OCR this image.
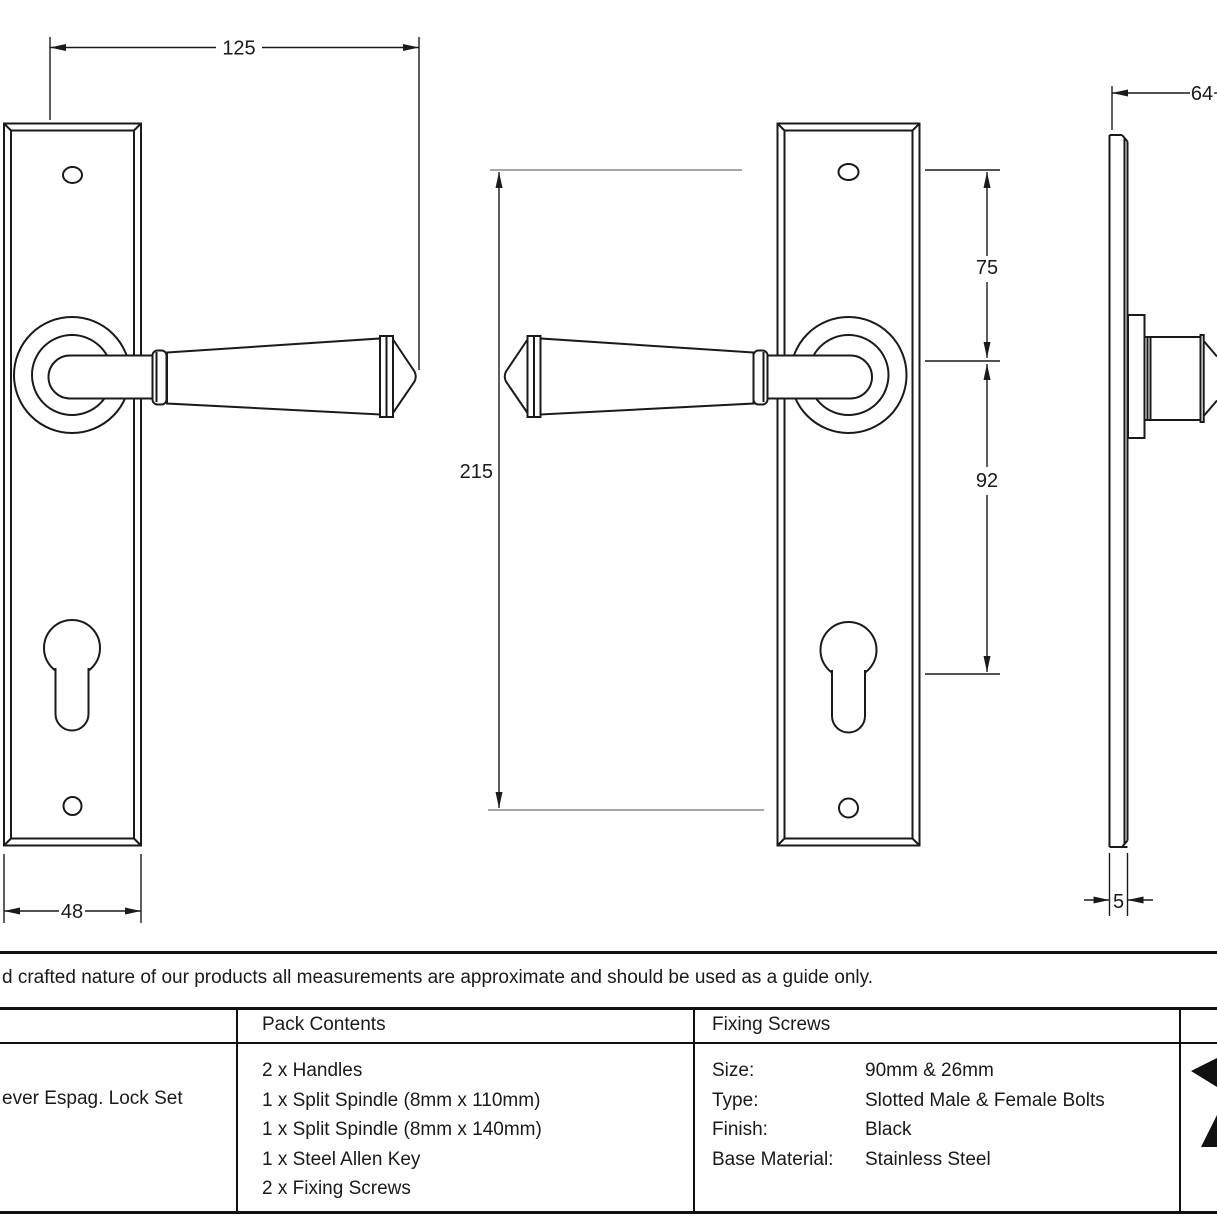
125
48
215
75
92
64
5
d crafted nature of our products all measurements are approximate and should be used as a guide only.
ever Espag. Lock Set
Pack Contents	Fixing Screws
2 x Handles
1 x Split Spindle (8mm x 110mm)
1 x Split Spindle (8mm x 140mm)
1 x Steel Allen Key
2 x Fixing Screws
Size:
Type:
Finish:
Base Material:
90mm & 26mm
Slotted Male & Female Bolts
Black
Stainless Steel
